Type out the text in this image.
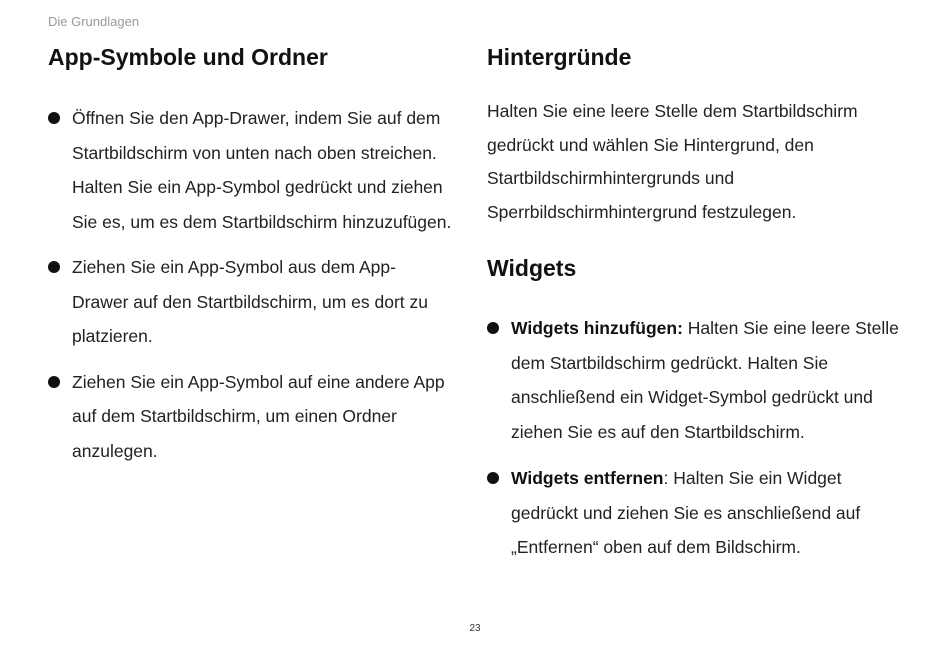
Die Grundlagen
App-Symbole und Ordner
Öffnen Sie den App-Drawer, indem Sie auf dem Startbildschirm von unten nach oben streichen. Halten Sie ein App-Symbol gedrückt und ziehen Sie es, um es dem Startbildschirm hinzuzufügen.
Ziehen Sie ein App-Symbol aus dem App-Drawer auf den Startbildschirm, um es dort zu platzieren.
Ziehen Sie ein App-Symbol auf eine andere App auf dem Startbildschirm, um einen Ordner anzulegen.
Hintergründe

Halten Sie eine leere Stelle dem Startbildschirm gedrückt und wählen Sie Hintergrund, den Startbildschirmhintergrunds und Sperrbildschirmhintergrund festzulegen.

Widgets
Widgets hinzufügen: Halten Sie eine leere Stelle dem Startbildschirm gedrückt. Halten Sie anschließend ein Widget-Symbol gedrückt und ziehen Sie es auf den Startbildschirm.
Widgets entfernen: Halten Sie ein Widget gedrückt und ziehen Sie es anschließend auf „Entfernen“ oben auf dem Bildschirm.
23
